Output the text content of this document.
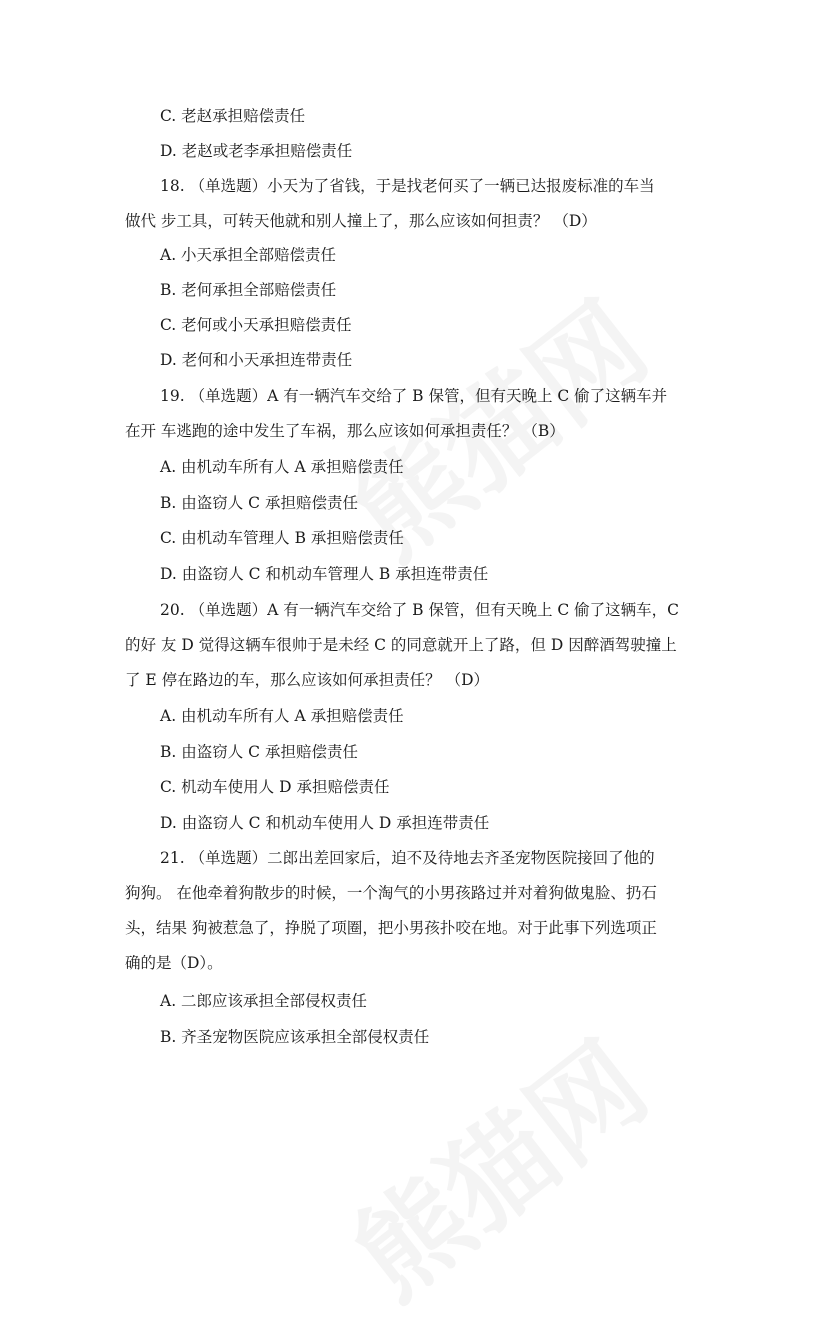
C. 老赵承担赔偿责任
D. 老赵或老李承担赔偿责任
18. （单选题）小天为了省钱，于是找老何买了一辆已达报废标准的车当
做代 步工具，可转天他就和别人撞上了，那么应该如何担责？ （D）
A. 小天承担全部赔偿责任
B. 老何承担全部赔偿责任
C. 老何或小天承担赔偿责任
D. 老何和小天承担连带责任
19. （单选题）A 有一辆汽车交给了 B 保管，但有天晚上 C 偷了这辆车并
在开 车逃跑的途中发生了车祸，那么应该如何承担责任？ （B）
A. 由机动车所有人 A 承担赔偿责任
B. 由盗窃人 C 承担赔偿责任
C. 由机动车管理人 B 承担赔偿责任
D. 由盗窃人 C 和机动车管理人 B 承担连带责任
20. （单选题）A 有一辆汽车交给了 B 保管，但有天晚上 C 偷了这辆车，C
的好 友 D 觉得这辆车很帅于是未经 C 的同意就开上了路，但 D 因醉酒驾驶撞上
了 E 停在路边的车，那么应该如何承担责任？ （D）
A. 由机动车所有人 A 承担赔偿责任
B. 由盗窃人 C 承担赔偿责任
C. 机动车使用人 D 承担赔偿责任
D. 由盗窃人 C 和机动车使用人 D 承担连带责任
21. （单选题）二郎出差回家后，迫不及待地去齐圣宠物医院接回了他的
狗狗。 在他牵着狗散步的时候，一个淘气的小男孩路过并对着狗做鬼脸、扔石
头，结果 狗被惹急了，挣脱了项圈，把小男孩扑咬在地。对于此事下列选项正
确的是（D）。
A. 二郎应该承担全部侵权责任
B. 齐圣宠物医院应该承担全部侵权责任
